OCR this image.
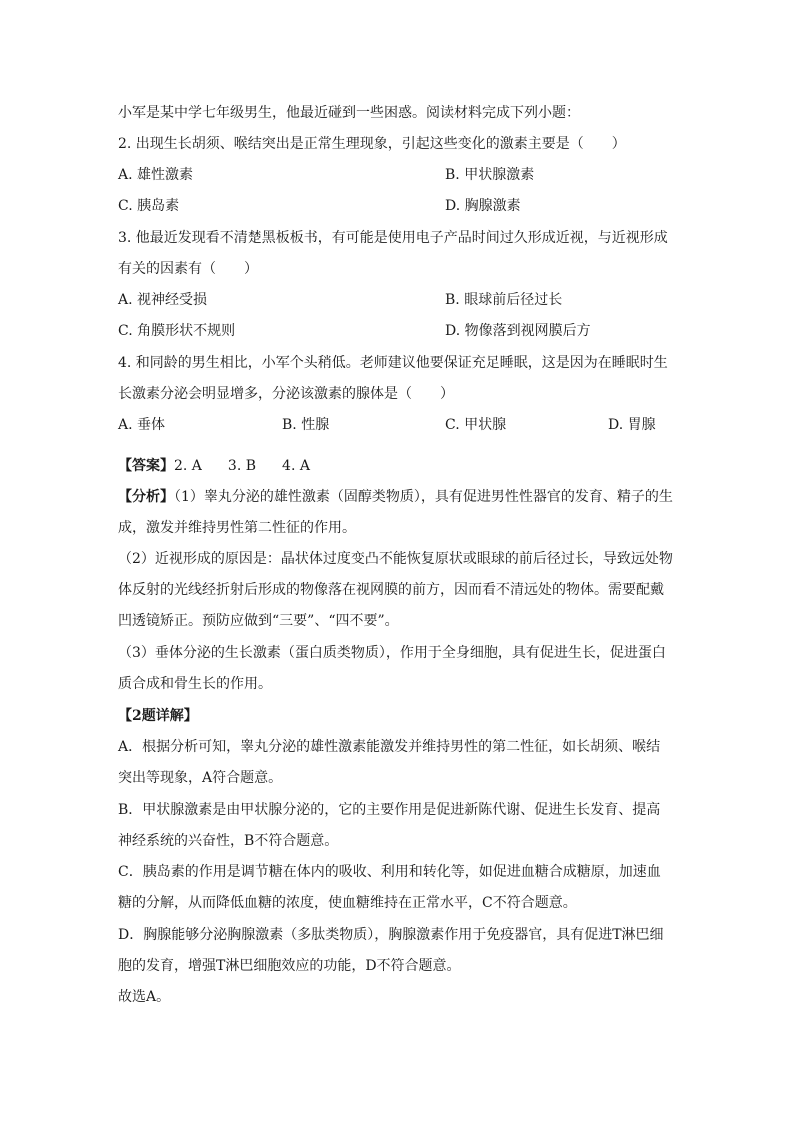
小军是某中学七年级男生，他最近碰到一些困惑。阅读材料完成下列小题：
2. 出现生长胡须、喉结突出是正常生理现象，引起这些变化的激素主要是（　　）
A. 雄性激素	B. 甲状腺激素
C. 胰岛素	D. 胸腺激素
3. 他最近发现看不清楚黑板板书，有可能是使用电子产品时间过久形成近视，与近视形成
有关的因素有（　　）
A. 视神经受损	B. 眼球前后径过长
C. 角膜形状不规则	D. 物像落到视网膜后方
4. 和同龄的男生相比，小军个头稍低。老师建议他要保证充足睡眠，这是因为在睡眠时生
长激素分泌会明显增多，分泌该激素的腺体是（　　）
A. 垂体	B. 性腺	C. 甲状腺	D. 胃腺
【答案】2. A 3. B 4. A
【分析】（1）睾丸分泌的雄性激素（固醇类物质），具有促进男性性器官的发育、精子的生
成，激发并维持男性第二性征的作用。
（2）近视形成的原因是：晶状体过度变凸不能恢复原状或眼球的前后径过长，导致远处物
体反射的光线经折射后形成的物像落在视网膜的前方，因而看不清远处的物体。需要配戴
凹透镜矫正。预防应做到“三要”、“四不要”。
（3）垂体分泌的生长激素（蛋白质类物质），作用于全身细胞，具有促进生长，促进蛋白
质合成和骨生长的作用。
【2题详解】
A．根据分析可知，睾丸分泌的雄性激素能激发并维持男性的第二性征，如长胡须、喉结
突出等现象，A符合题意。
B．甲状腺激素是由甲状腺分泌的，它的主要作用是促进新陈代谢、促进生长发育、提高
神经系统的兴奋性，B不符合题意。
C．胰岛素的作用是调节糖在体内的吸收、利用和转化等，如促进血糖合成糖原，加速血
糖的分解，从而降低血糖的浓度，使血糖维持在正常水平，C不符合题意。
D．胸腺能够分泌胸腺激素（多肽类物质），胸腺激素作用于免疫器官，具有促进T淋巴细
胞的发育，增强T淋巴细胞效应的功能，D不符合题意。
故选A。
